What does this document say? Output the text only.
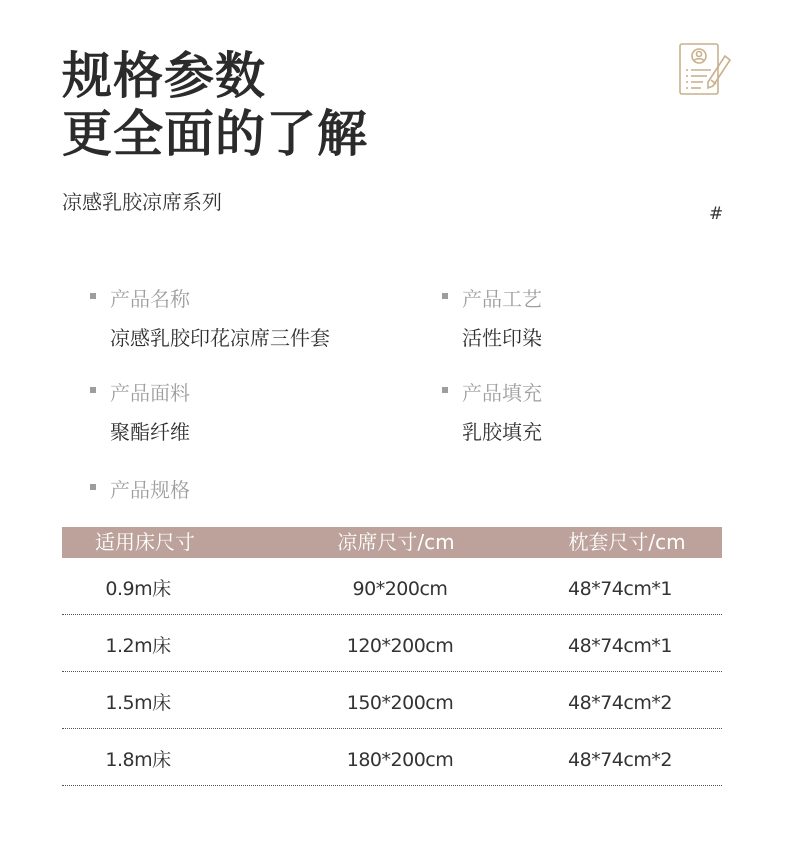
规格参数
更全面的了解
凉感乳胶凉席系列	#
产品名称
凉感乳胶印花凉席三件套
产品工艺
活性印染
产品面料
聚酯纤维
产品填充
乳胶填充
产品规格
适用床尺寸	凉席尺寸/cm	枕套尺寸/cm
0.9m床	90*200cm	48*74cm*1
1.2m床	120*200cm	48*74cm*1
1.5m床	150*200cm	48*74cm*2
1.8m床	180*200cm	48*74cm*2
